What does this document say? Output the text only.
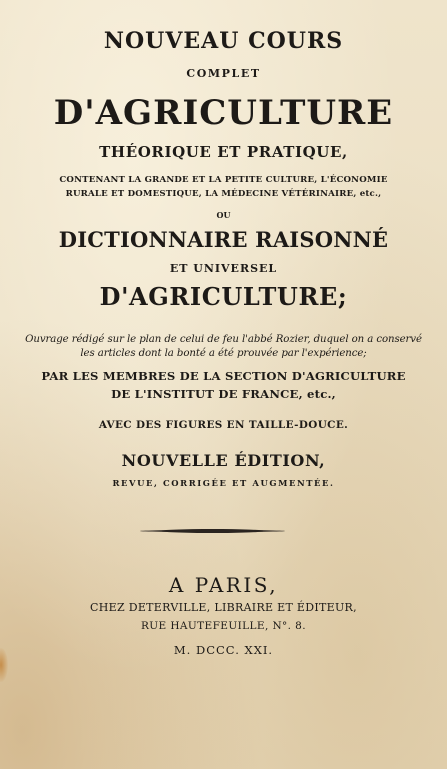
NOUVEAU COURS
COMPLET
D'AGRICULTURE
THÉORIQUE ET PRATIQUE,
CONTENANT LA GRANDE ET LA PETITE CULTURE, L'ÉCONOMIE
RURALE ET DOMESTIQUE, LA MÉDECINE VÉTÉRINAIRE, etc.,
OU
DICTIONNAIRE RAISONNÉ
ET UNIVERSEL
D'AGRICULTURE;
Ouvrage rédigé sur le plan de celui de feu l'abbé Rozier, duquel on a conservé
les articles dont la bonté a été prouvée par l'expérience;
PAR LES MEMBRES DE LA SECTION D'AGRICULTURE
DE L'INSTITUT DE FRANCE, etc.,
AVEC DES FIGURES EN TAILLE-DOUCE.
NOUVELLE ÉDITION,
REVUE, CORRIGÉE ET AUGMENTÉE.
A PARIS,
CHEZ DETERVILLE, LIBRAIRE ET ÉDITEUR,
RUE HAUTEFEUILLE, N°. 8.
M. DCCC. XXI.
